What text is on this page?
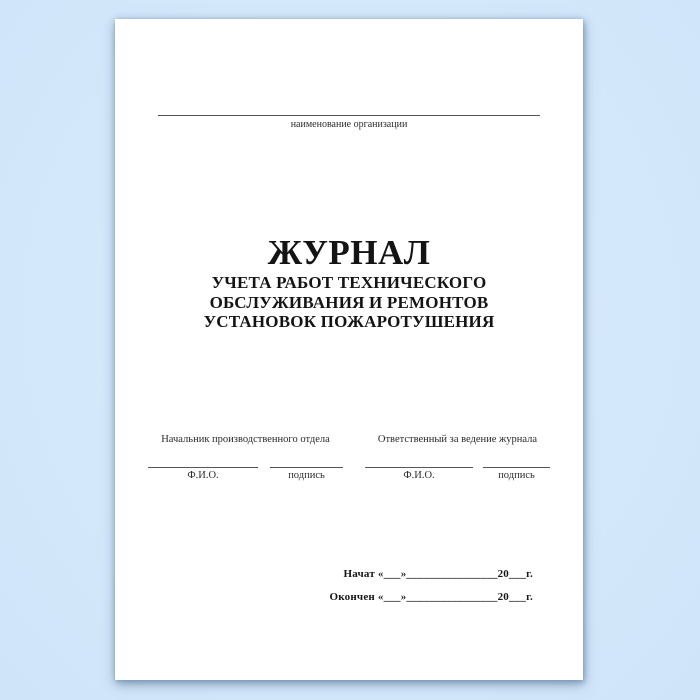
наименование организации
ЖУРНАЛ
УЧЕТА РАБОТ ТЕХНИЧЕСКОГО
ОБСЛУЖИВАНИЯ И РЕМОНТОВ
УСТАНОВОК ПОЖАРОТУШЕНИЯ
Начальник производственного отдела
Ф.И.О.	подпись
Ответственный за ведение журнала
Ф.И.О.	подпись
Начат «___»________________20___г.
Окончен «___»________________20___г.
